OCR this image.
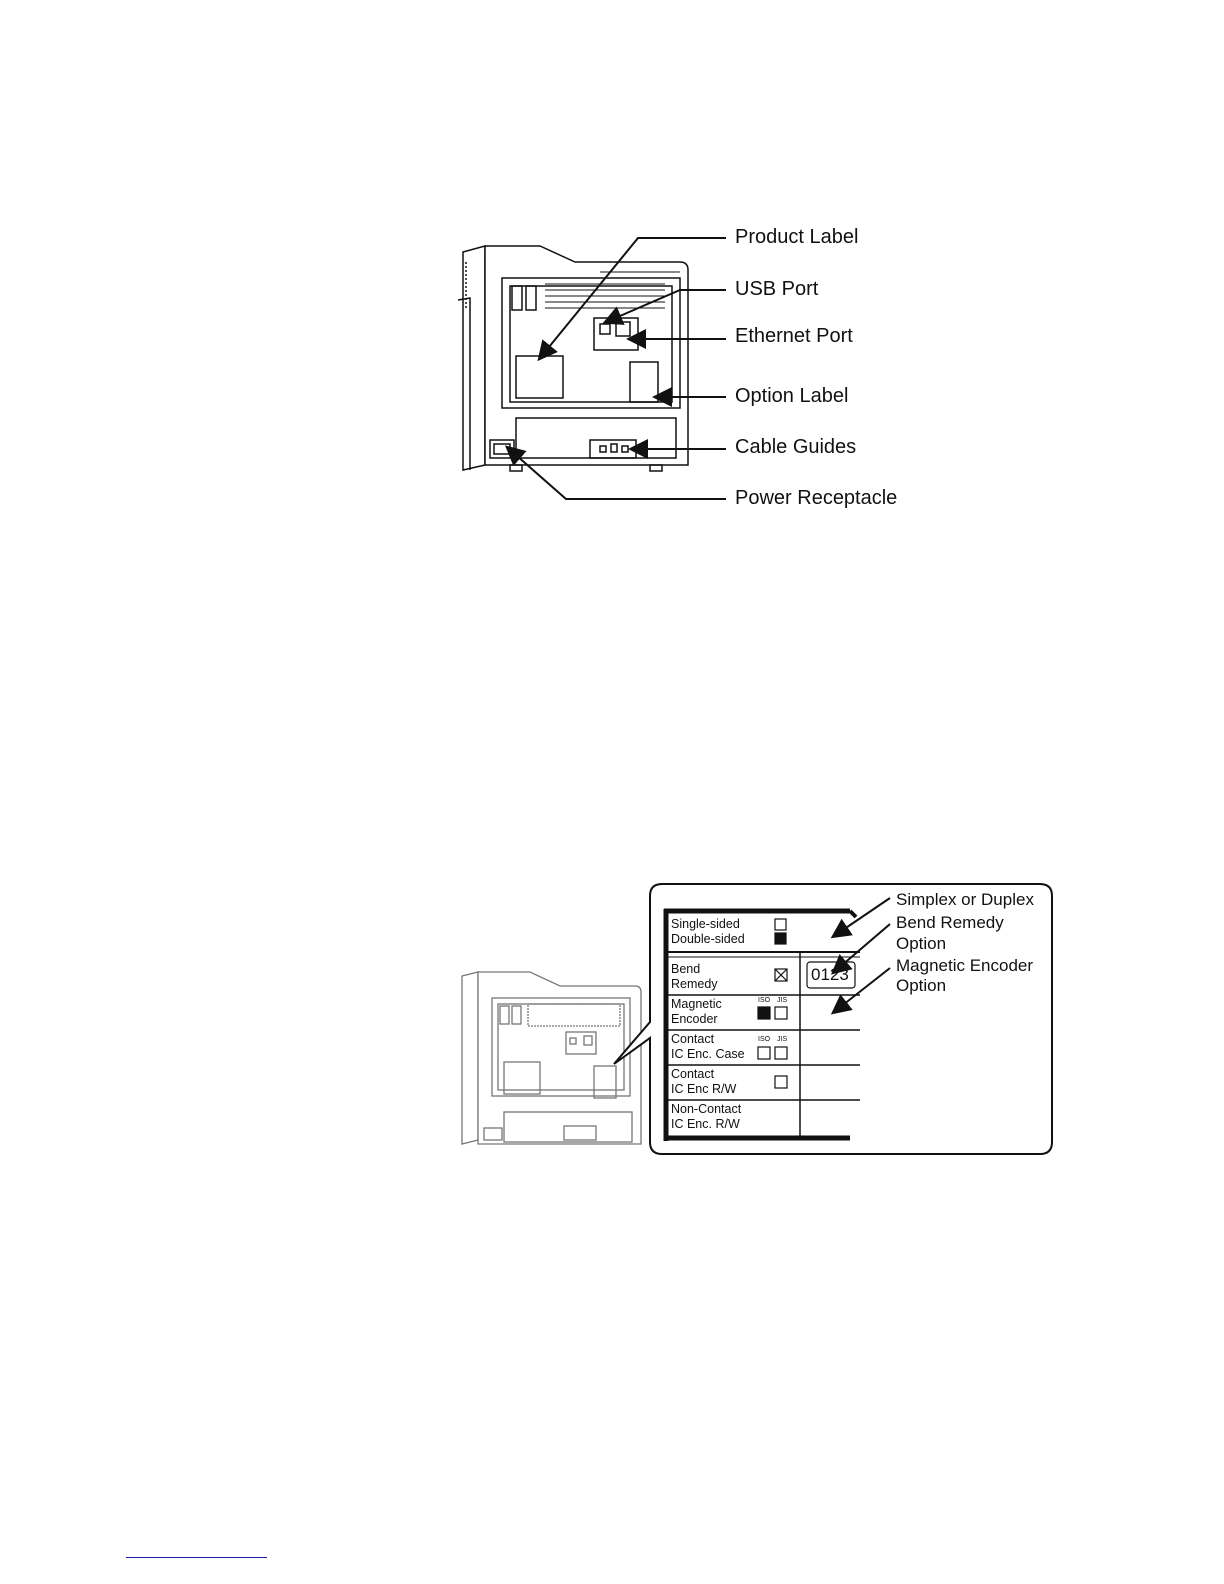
Product Label
USB Port
Ethernet Port
Option Label
Cable Guides
Power Receptacle
Simplex or Duplex
Bend Remedy
Option
Magnetic Encoder
Option
Single-sided
Double-sided
Bend
Remedy	0123
Magnetic
Encoder
ISO JIS
Contact
IC Enc. Case
ISO JIS
Contact
IC Enc R/W
Non-Contact
IC Enc. R/W
